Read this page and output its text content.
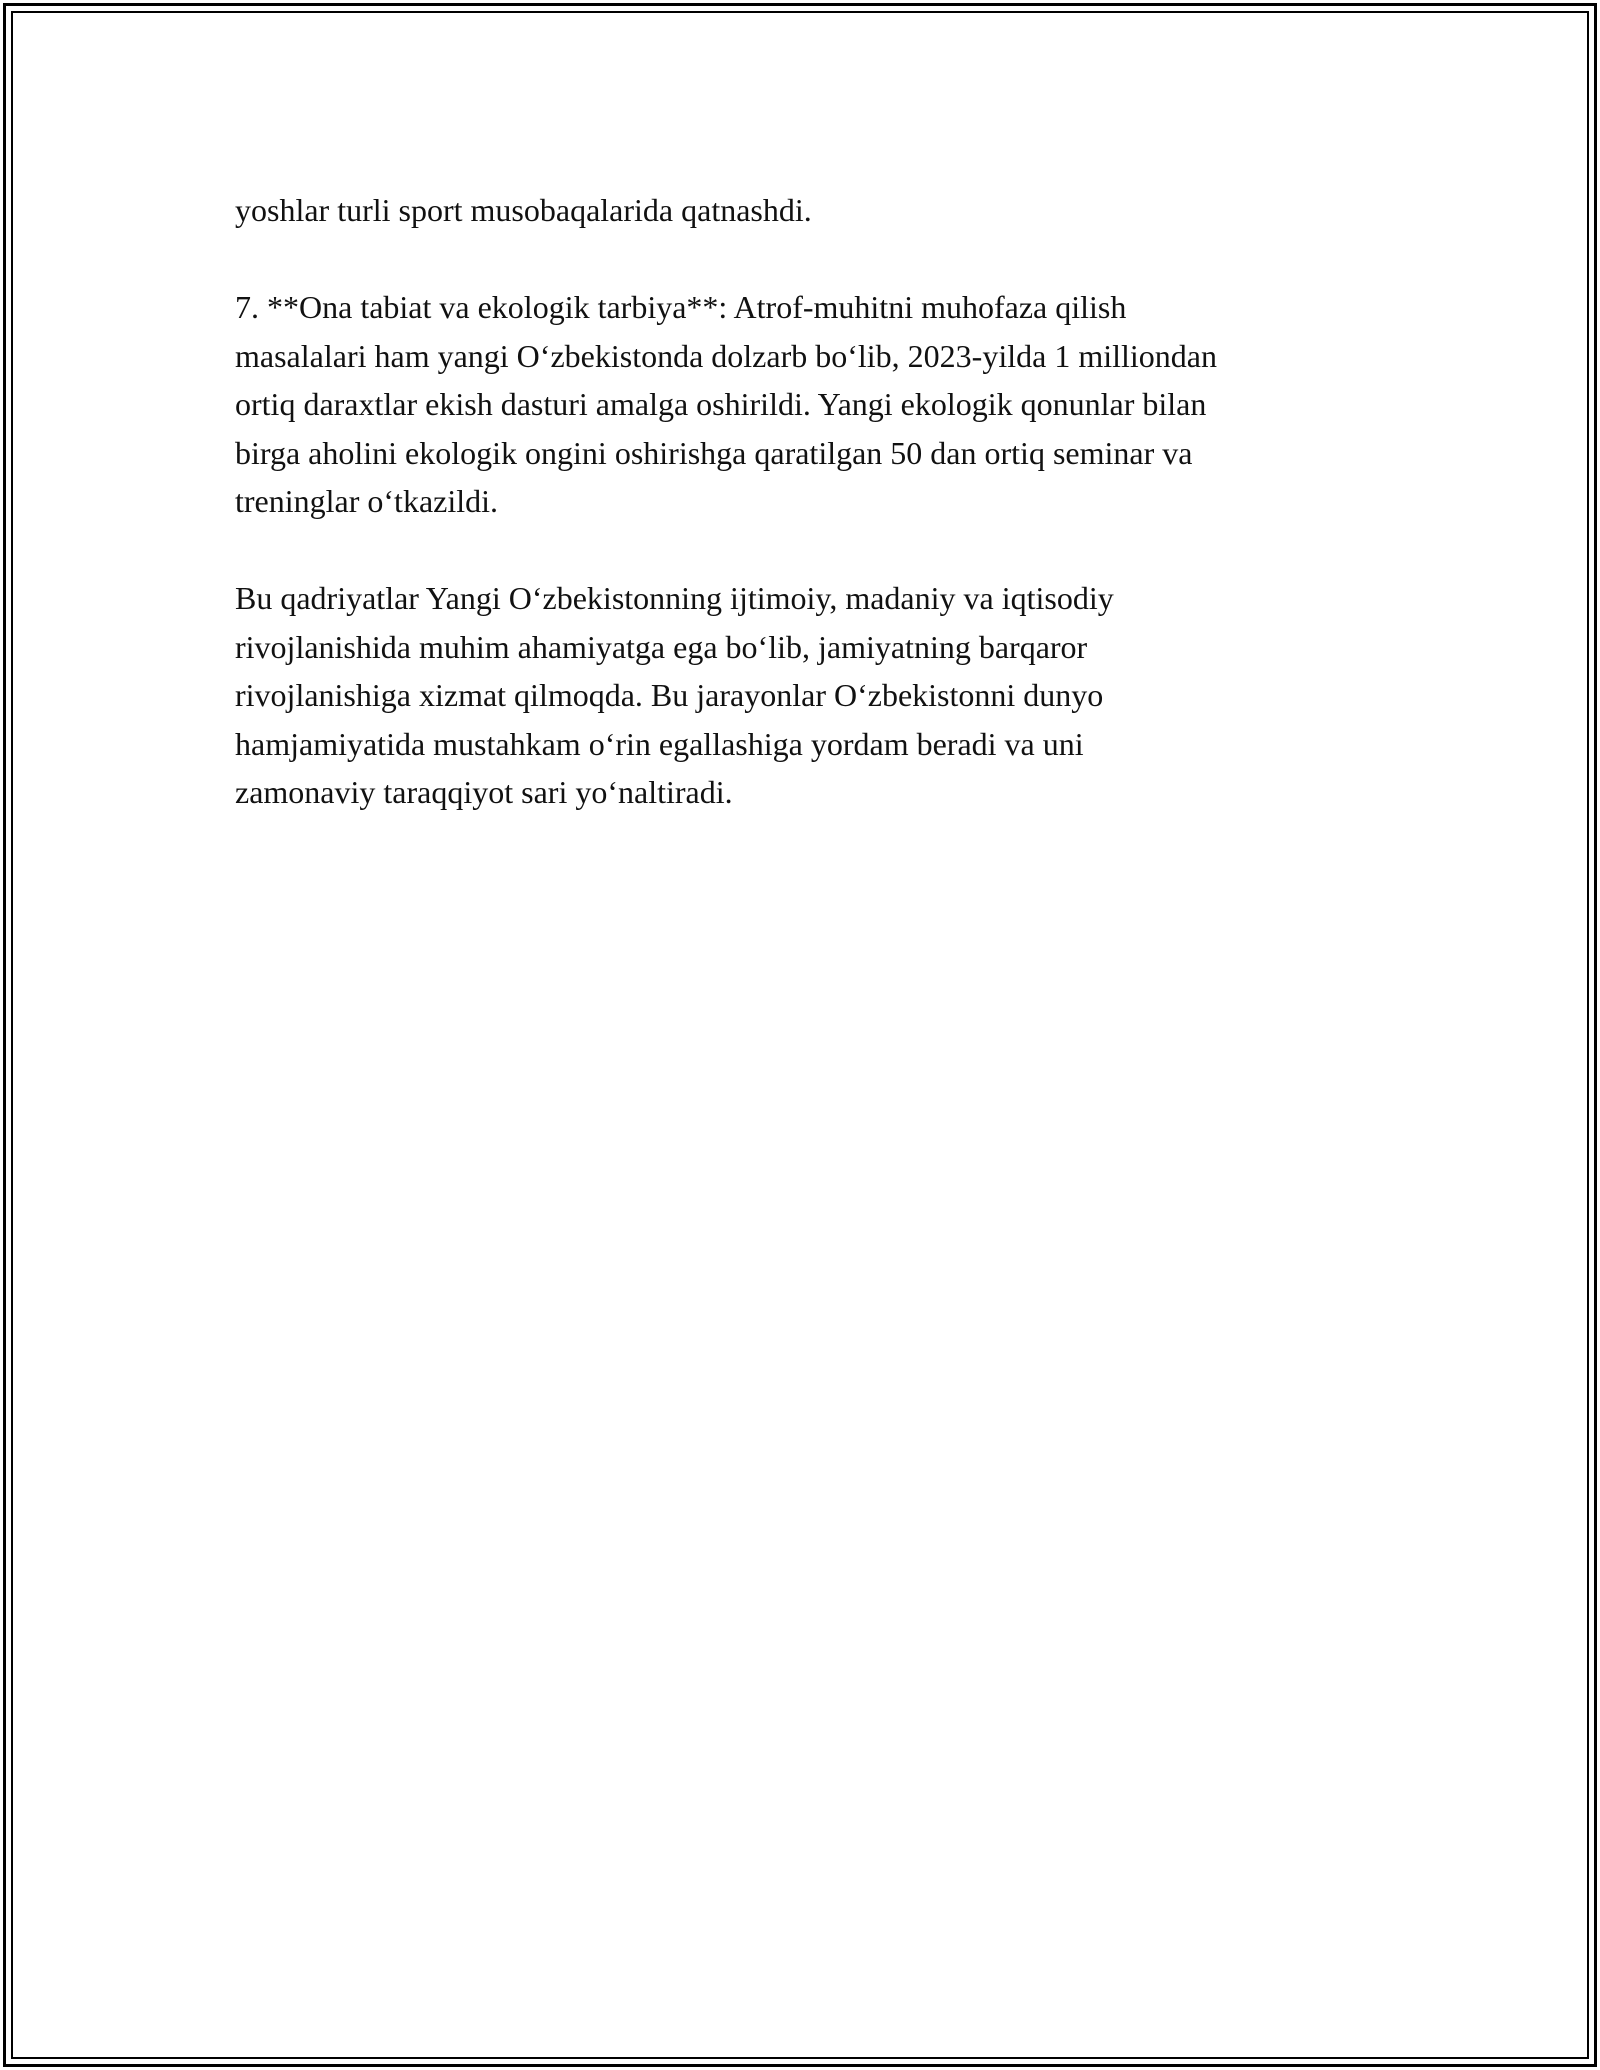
yoshlar turli sport musobaqalarida qatnashdi.
7. **Ona tabiat va ekologik tarbiya**: Atrof-muhitni muhofaza qilish
masalalari ham yangi O‘zbekistonda dolzarb bo‘lib, 2023-yilda 1 milliondan
ortiq daraxtlar ekish dasturi amalga oshirildi. Yangi ekologik qonunlar bilan
birga aholini ekologik ongini oshirishga qaratilgan 50 dan ortiq seminar va
treninglar o‘tkazildi.
Bu qadriyatlar Yangi O‘zbekistonning ijtimoiy, madaniy va iqtisodiy
rivojlanishida muhim ahamiyatga ega bo‘lib, jamiyatning barqaror
rivojlanishiga xizmat qilmoqda. Bu jarayonlar O‘zbekistonni dunyo
hamjamiyatida mustahkam o‘rin egallashiga yordam beradi va uni
zamonaviy taraqqiyot sari yo‘naltiradi.
